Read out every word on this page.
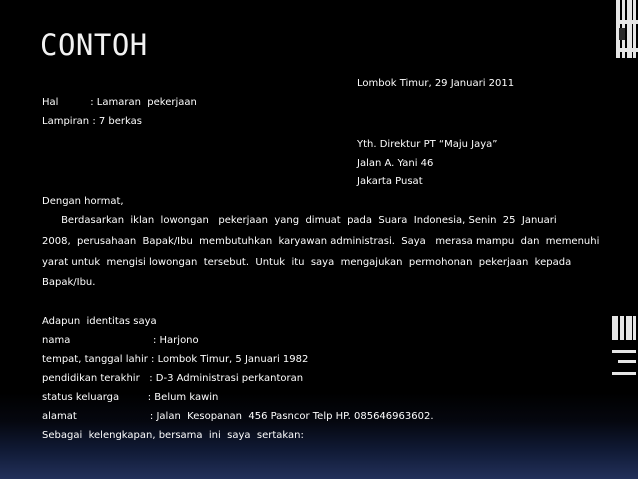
CONTOH
Lombok Timur, 29 Januari 2011
Hal          : Lamaran  pekerjaan
Lampiran : 7 berkas
Yth. Direktur PT “Maju Jaya”
Jalan A. Yani 46
Jakarta Pusat
Dengan hormat,
Berdasarkan  iklan  lowongan   pekerjaan  yang  dimuat  pada  Suara  Indonesia, Senin  25  Januari
2008,  perusahaan  Bapak/Ibu  membutuhkan  karyawan administrasi.  Saya   merasa mampu  dan  memenuhi
yarat untuk  mengisi lowongan  tersebut.  Untuk  itu  saya  mengajukan  permohonan  pekerjaan  kepada
Bapak/Ibu.
Adapun  identitas saya
nama                          : Harjono
tempat, tanggal lahir : Lombok Timur, 5 Januari 1982
pendidikan terakhir   : D-3 Administrasi perkantoran
status keluarga         : Belum kawin
alamat                       : Jalan  Kesopanan  456 Pasncor Telp HP. 085646963602.
Sebagai  kelengkapan, bersama  ini  saya  sertakan:
